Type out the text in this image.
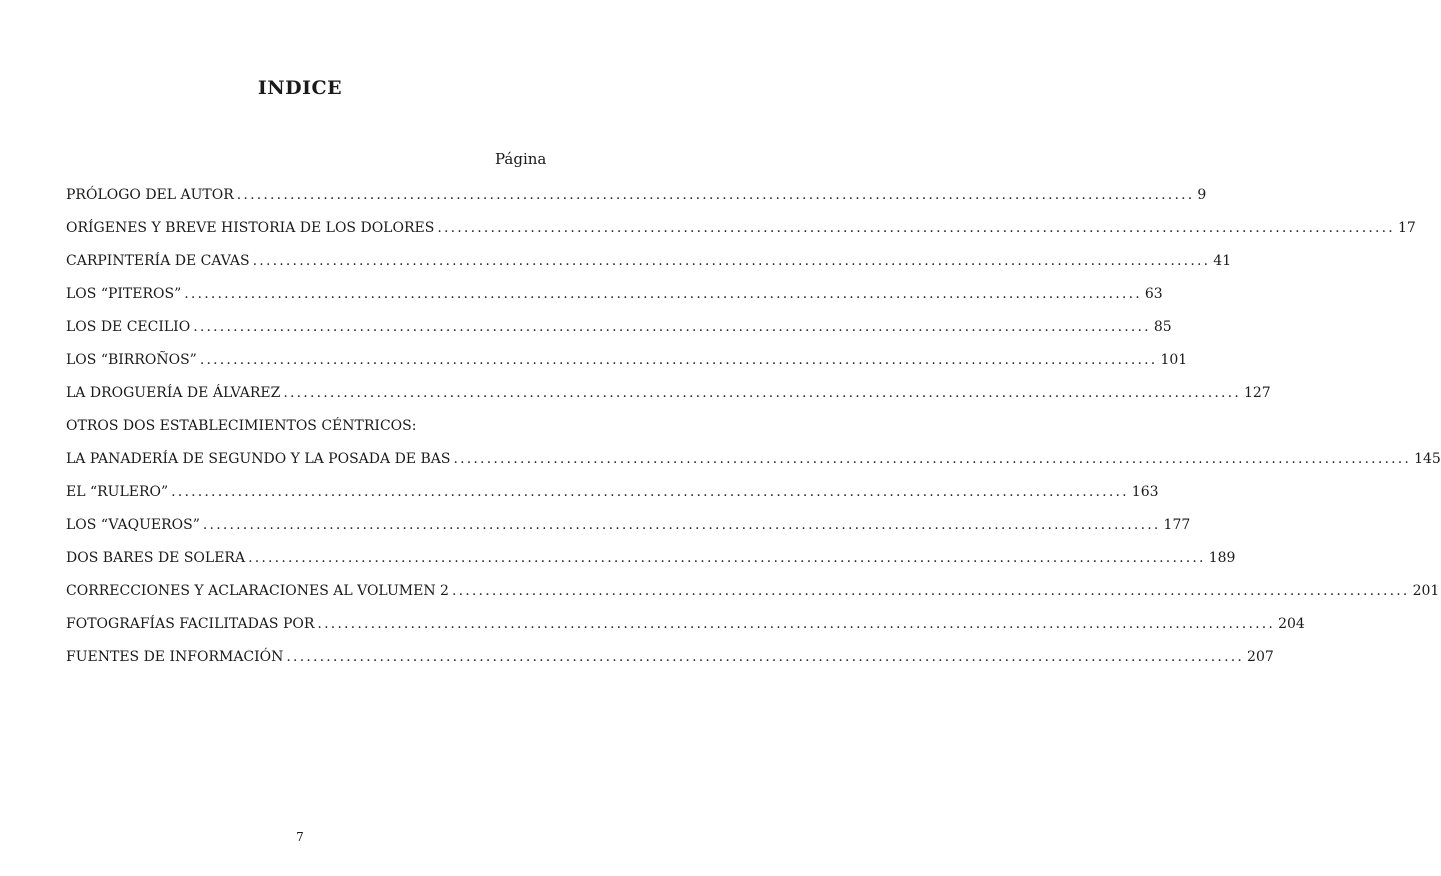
INDICE
Página
PRÓLOGO DEL AUTOR .....	9
ORÍGENES Y BREVE HISTORIA DE LOS DOLORES .....	17
CARPINTERÍA DE CAVAS .....	41
LOS “PITEROS” .....	63
LOS DE CECILIO .....	85
LOS “BIRROÑOS” .....	101
LA DROGUERÍA DE ÁLVAREZ .....	127
OTROS DOS ESTABLECIMIENTOS CÉNTRICOS:
LA PANADERÍA DE SEGUNDO Y LA POSADA DE BAS .....	145
EL “RULERO” .....	163
LOS “VAQUEROS” .....	177
DOS BARES DE SOLERA .....	189
CORRECCIONES Y ACLARACIONES AL VOLUMEN 2 .....	201
FOTOGRAFÍAS FACILITADAS POR .....	204
FUENTES DE INFORMACIÓN .....	207
7
